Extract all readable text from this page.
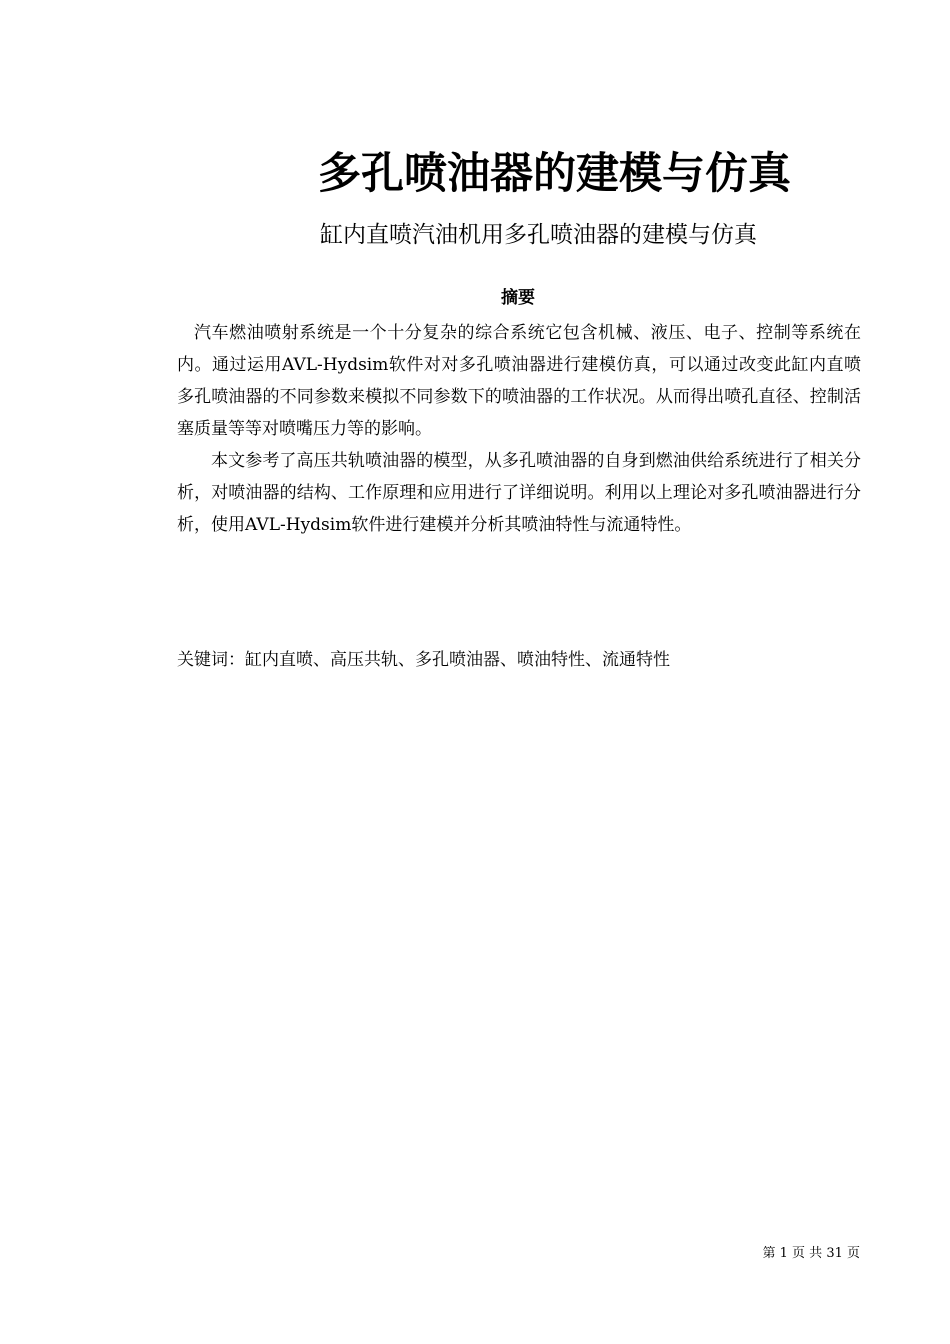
多孔喷油器的建模与仿真
缸内直喷汽油机用多孔喷油器的建模与仿真
摘要

汽车燃油喷射系统是一个十分复杂的综合系统它包含机械、液压、电子、控制等系统在内。通过运用AVL-Hydsim软件对对多孔喷油器进行建模仿真，可以通过改变此缸内直喷多孔喷油器的不同参数来模拟不同参数下的喷油器的工作状况。从而得出喷孔直径、控制活塞质量等等对喷嘴压力等的影响。

本文参考了高压共轨喷油器的模型，从多孔喷油器的自身到燃油供给系统进行了相关分析，对喷油器的结构、工作原理和应用进行了详细说明。利用以上理论对多孔喷油器进行分析，使用AVL-Hydsim软件进行建模并分析其喷油特性与流通特性。

关键词：缸内直喷、高压共轨、多孔喷油器、喷油特性、流通特性

第 1 页 共 31 页
